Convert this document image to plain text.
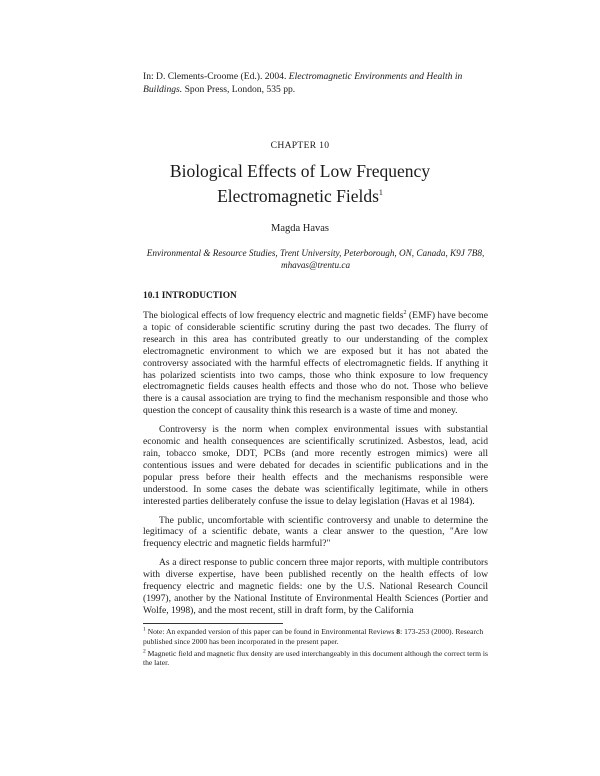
In: D. Clements-Croome (Ed.). 2004. Electromagnetic Environments and Health in Buildings. Spon Press, London, 535 pp.
CHAPTER 10
Biological Effects of Low Frequency
Electromagnetic Fields$^1$
Magda Havas
Environmental & Resource Studies, Trent University, Peterborough, ON, Canada, K9J 7B8,
mhavas@trentu.ca
10.1 INTRODUCTION

The biological effects of low frequency electric and magnetic fields$^2$ (EMF) have become a topic of considerable scientific scrutiny during the past two decades. The flurry of research in this area has contributed greatly to our understanding of the complex electromagnetic environment to which we are exposed but it has not abated the controversy associated with the harmful effects of electromagnetic fields. If anything it has polarized scientists into two camps, those who think exposure to low frequency electromagnetic fields causes health effects and those who do not. Those who believe there is a causal association are trying to find the mechanism responsible and those who question the concept of causality think this research is a waste of time and money.

Controversy is the norm when complex environmental issues with substantial economic and health consequences are scientifically scrutinized. Asbestos, lead, acid rain, tobacco smoke, DDT, PCBs (and more recently estrogen mimics) were all contentious issues and were debated for decades in scientific publications and in the popular press before their health effects and the mechanisms responsible were understood. In some cases the debate was scientifically legitimate, while in others interested parties deliberately confuse the issue to delay legislation (Havas et al 1984).

The public, uncomfortable with scientific controversy and unable to determine the legitimacy of a scientific debate, wants a clear answer to the question, "Are low frequency electric and magnetic fields harmful?"

As a direct response to public concern three major reports, with multiple contributors with diverse expertise, have been published recently on the health effects of low frequency electric and magnetic fields: one by the U.S. National Research Council (1997), another by the National Institute of Environmental Health Sciences (Portier and Wolfe, 1998), and the most recent, still in draft form, by the California

$^1$ Note: An expanded version of this paper can be found in Environmental Reviews 8: 173-253 (2000). Research published since 2000 has been incorporated in the present paper.
$^2$ Magnetic field and magnetic flux density are used interchangeably in this document although the correct term is the later.
